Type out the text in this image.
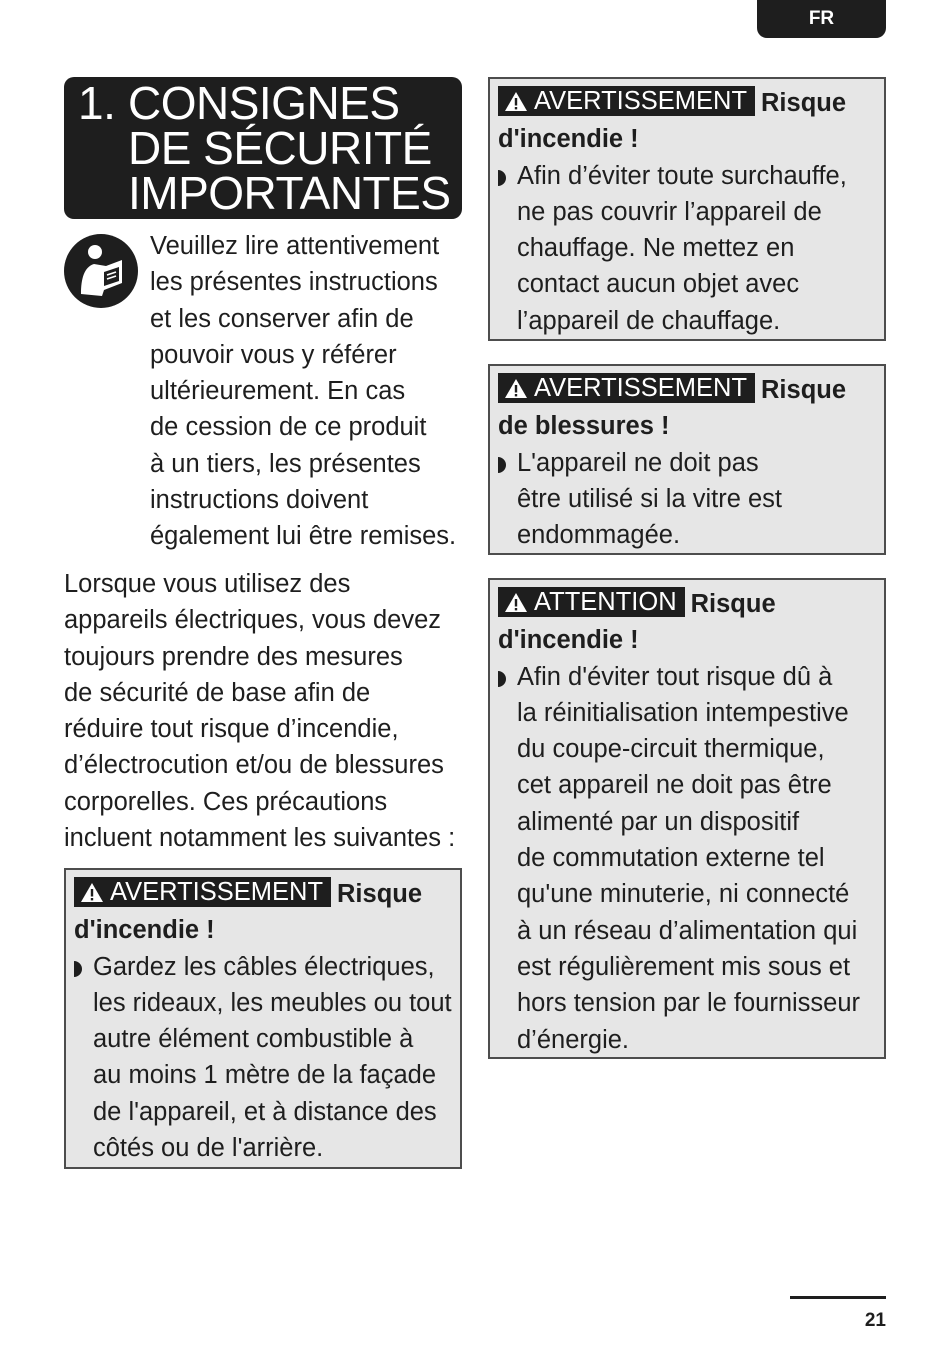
FR
1. CONSIGNES
DE SÉCURITÉ
IMPORTANTES
Veuillez lire attentivement
les présentes instructions
et les conserver afin de
pouvoir vous y référer
ultérieurement. En cas
de cession de ce produit
à un tiers, les présentes
instructions doivent
également lui être remises.
Lorsque vous utilisez des
appareils électriques, vous devez
toujours prendre des mesures
de sécurité de base afin de
réduire tout risque d’incendie,
d’électrocution et/ou de blessures
corporelles. Ces précautions
incluent notamment les suivantes :
AVERTISSEMENT Risque
d'incendie !
Gardez les câbles électriques,
les rideaux, les meubles ou tout
autre élément combustible à
au moins 1 mètre de la façade
de l'appareil, et à distance des
côtés ou de l'arrière.
AVERTISSEMENT Risque
d'incendie !
Afin d’éviter toute surchauffe,
ne pas couvrir l’appareil de
chauffage. Ne mettez en
contact aucun objet avec
l’appareil de chauffage.
AVERTISSEMENT Risque
de blessures !
L'appareil ne doit pas
être utilisé si la vitre est
endommagée.
ATTENTION Risque
d'incendie !
Afin d'éviter tout risque dû à
la réinitialisation intempestive
du coupe-circuit thermique,
cet appareil ne doit pas être
alimenté par un dispositif
de commutation externe tel
qu'une minuterie, ni connecté
à un réseau d’alimentation qui
est régulièrement mis sous et
hors tension par le fournisseur
d’énergie.
21
